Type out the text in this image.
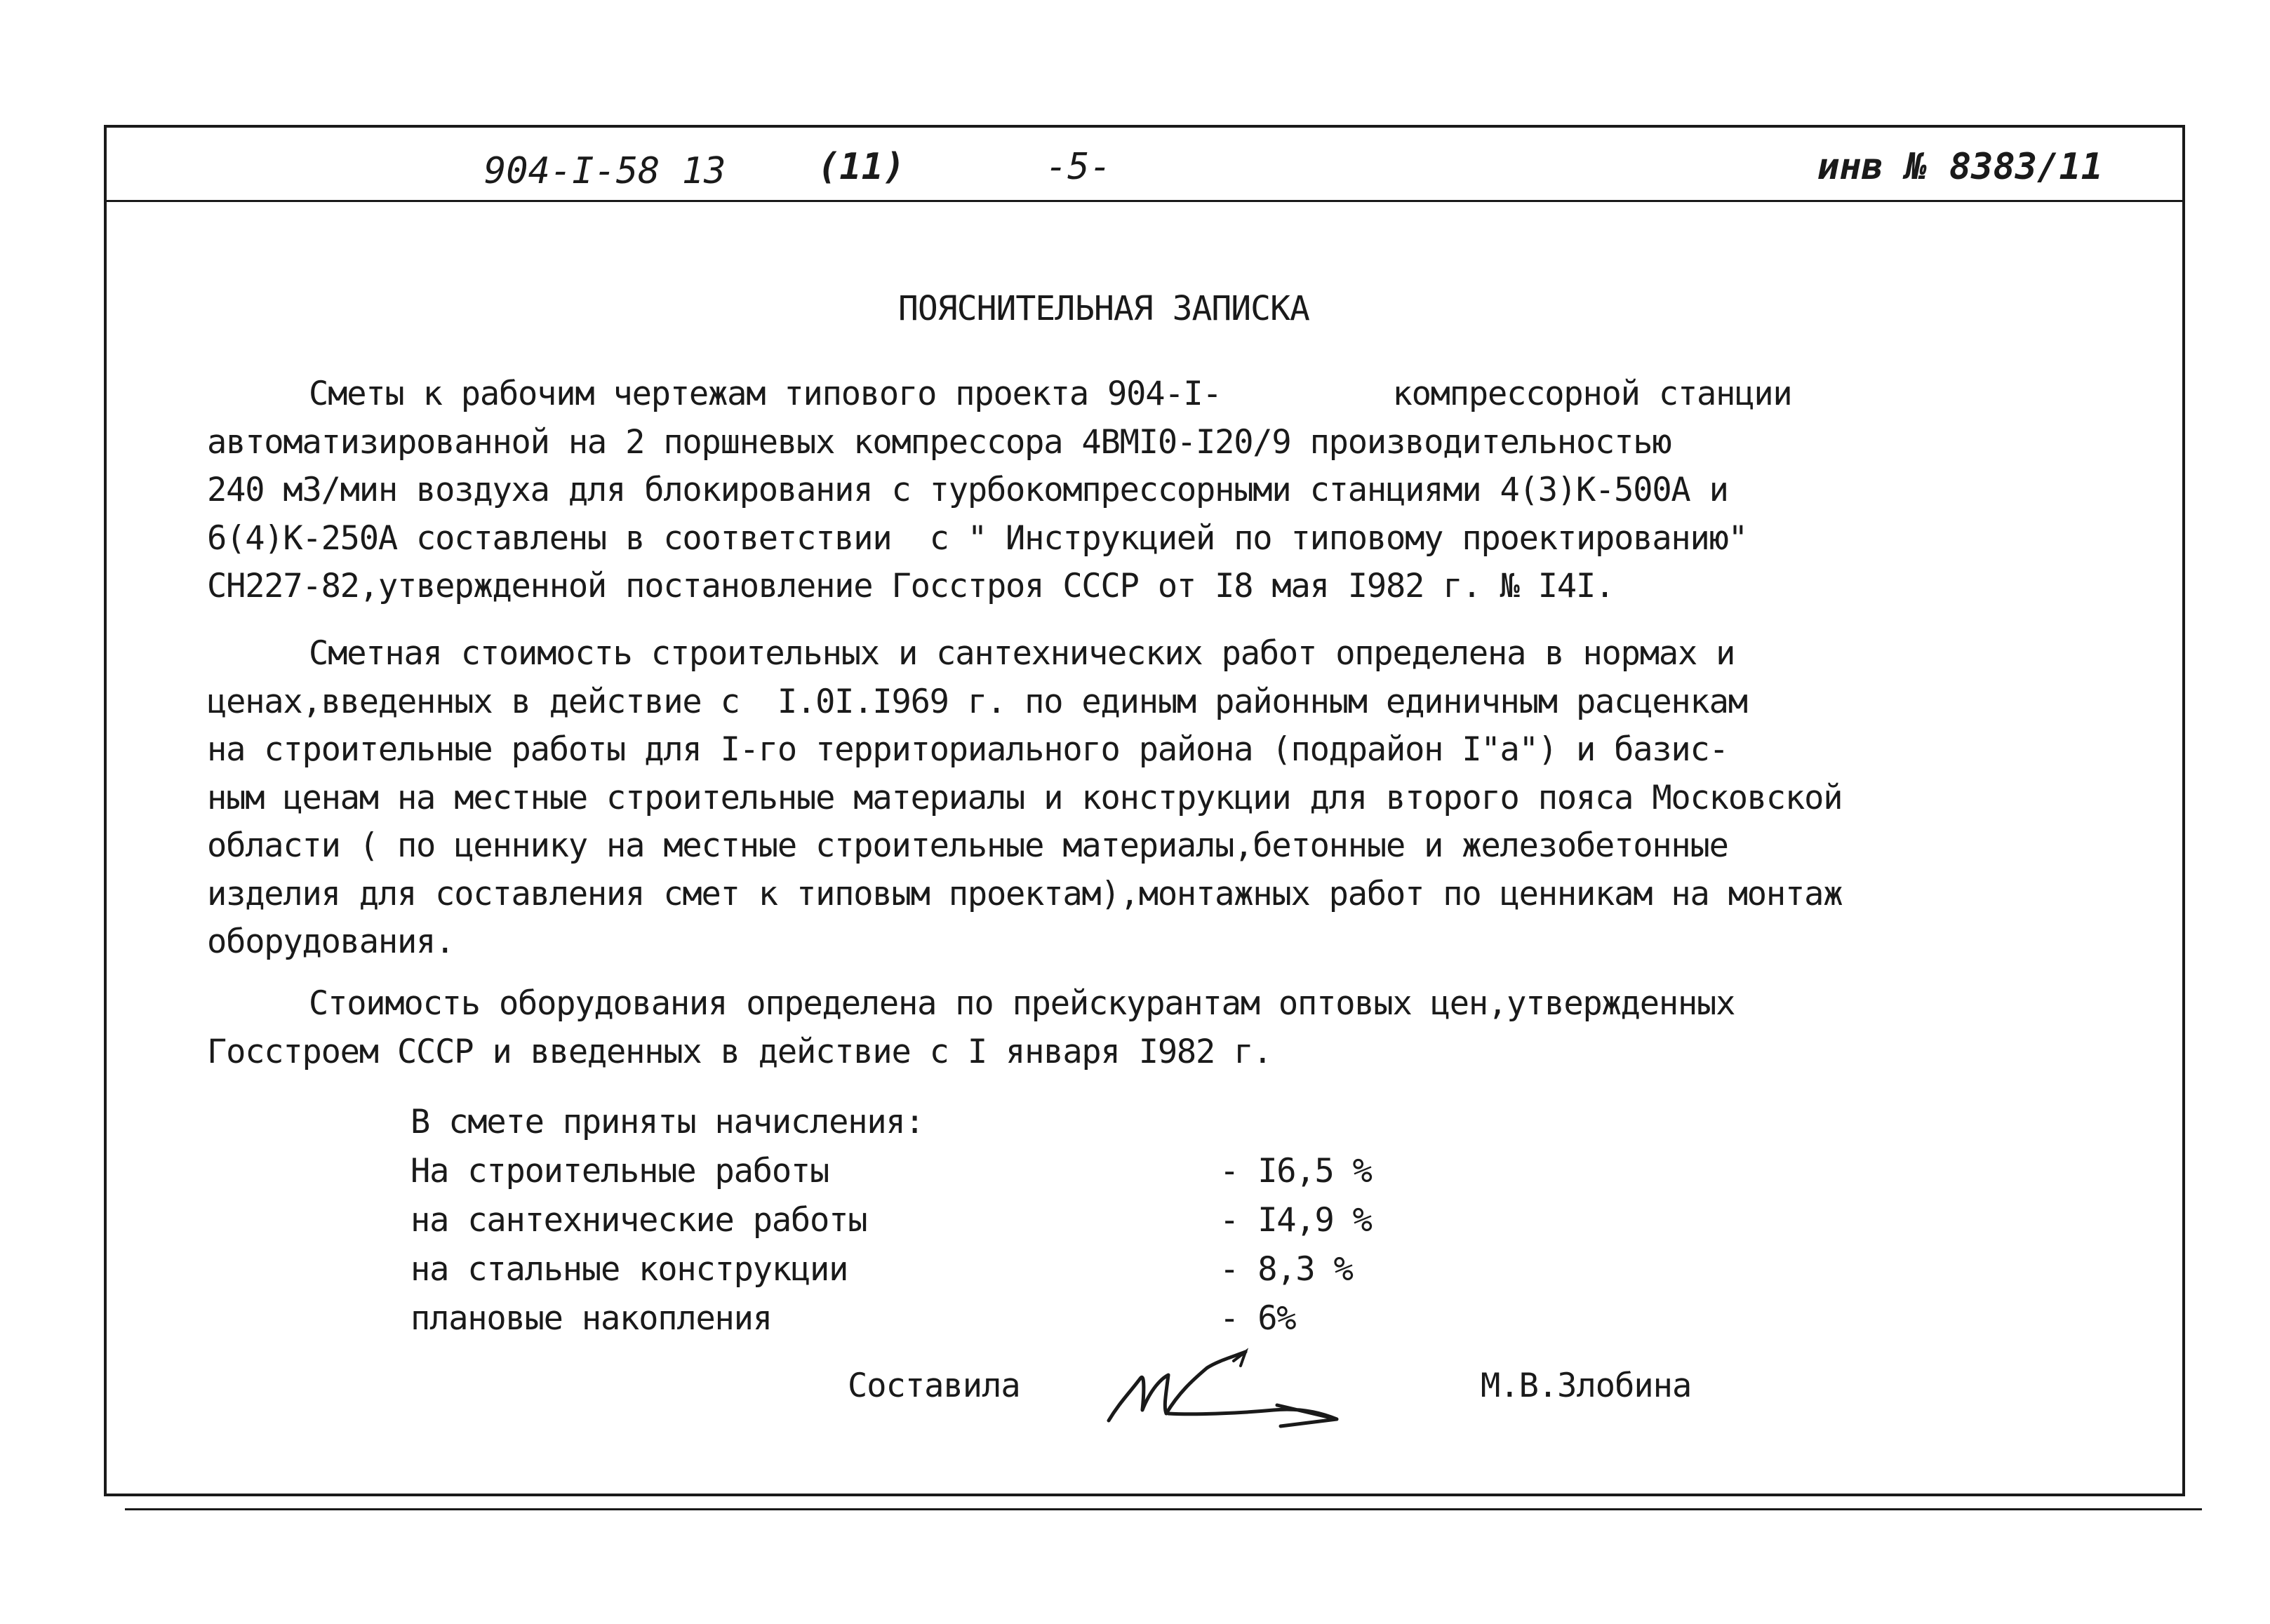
904-I-58 13	(11)	-5-	инв № 8383/11
ПОЯСНИТЕЛЬНАЯ ЗАПИСКА
Сметы к рабочим чертежам типового проекта 904-I-         компрессорной станции
автоматизированной на 2 поршневых компрессора 4ВМI0-I20/9 производительностью
240 м3/мин воздуха для блокирования с турбокомпрессорными станциями 4(3)К-500А и
6(4)К-250А составлены в соответствии  с " Инструкцией по типовому проектированию"
СН227-82,утвержденной постановление Госстроя СССР от I8 мая I982 г. № I4I.
Сметная стоимость строительных и сантехнических работ определена в нормах и
ценах,введенных в действие с  I.0I.I969 г. по единым районным единичным расценкам
на строительные работы для I-го территориального района (подрайон I"а") и базис-
ным ценам на местные строительные материалы и конструкции для второго пояса Московской
области ( по ценнику на местные строительные материалы,бетонные и железобетонные
изделия для составления смет к типовым проектам),монтажных работ по ценникам на монтаж
оборудования.
Стоимость оборудования определена по прейскурантам оптовых цен,утвержденных
Госстроем СССР и введенных в действие с I января I982 г.
В смете приняты начисления:
На строительные работы	- I6,5 %
на сантехнические работы	- I4,9 %
на стальные конструкции	- 8,3 %
плановые накопления	- 6%
Составила	М.В.Злобина
